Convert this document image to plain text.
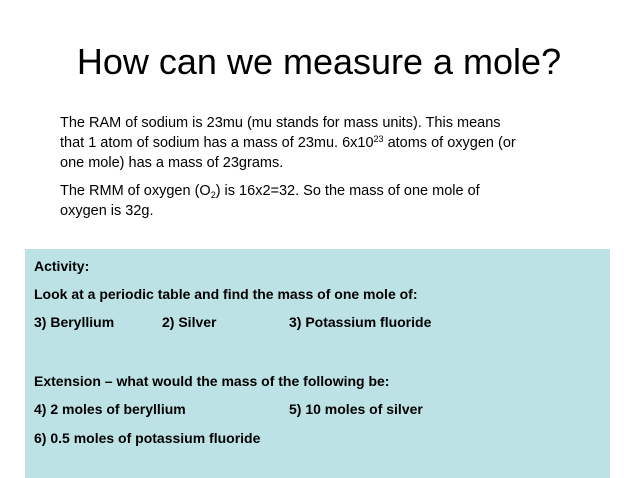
How can we measure a mole?
The RAM of sodium is 23mu (mu stands for mass units). This means
that 1 atom of sodium has a mass of 23mu. $6x10^{23}$ atoms of oxygen (or
one mole) has a mass of 23grams.
The RMM of oxygen $(O_2)$ is 16x2=32. So the mass of one mole of
oxygen is 32g.
Activity:
Look at a periodic table and find the mass of one mole of:
3) Beryllium	2) Silver	3) Potassium fluoride
Extension – what would the mass of the following be:
4) 2 moles of beryllium	5) 10 moles of silver
6) 0.5 moles of potassium fluoride
